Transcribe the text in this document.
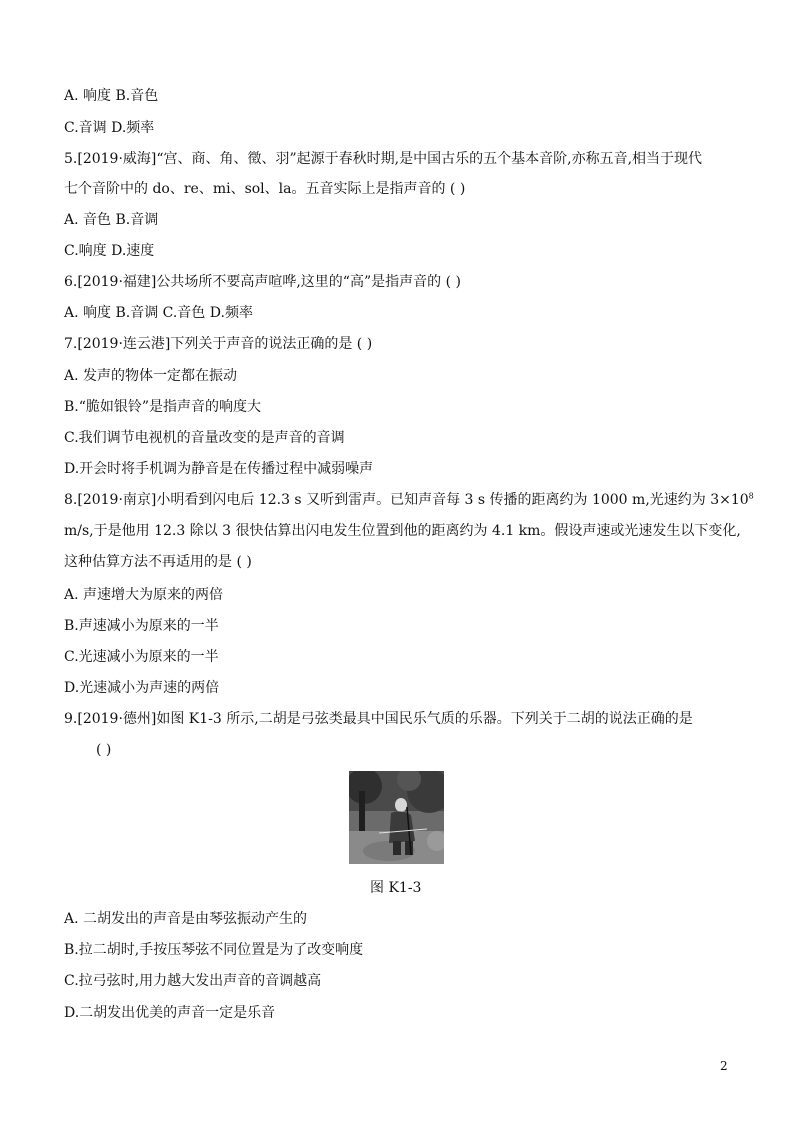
A. 响度 B.音色
C.音调 D.频率
5.[2019·威海]“宫、商、角、徵、羽”起源于春秋时期,是中国古乐的五个基本音阶,亦称五音,相当于现代
七个音阶中的 do、re、mi、sol、la。五音实际上是指声音的 ( )
A. 音色 B.音调
C.响度 D.速度
6.[2019·福建]公共场所不要高声喧哗,这里的“高”是指声音的 ( )
A. 响度 B.音调 C.音色 D.频率
7.[2019·连云港]下列关于声音的说法正确的是 ( )
A. 发声的物体一定都在振动
B.“脆如银铃”是指声音的响度大
C.我们调节电视机的音量改变的是声音的音调
D.开会时将手机调为静音是在传播过程中减弱噪声
8.[2019·南京]小明看到闪电后 12.3 s 又听到雷声。已知声音每 3 s 传播的距离约为 1000 m,光速约为 $3\times 10^8$
m/s,于是他用 12.3 除以 3 很快估算出闪电发生位置到他的距离约为 4.1 km。假设声速或光速发生以下变化,
这种估算方法不再适用的是 ( )
A. 声速增大为原来的两倍
B.声速减小为原来的一半
C.光速减小为原来的一半
D.光速减小为声速的两倍
9.[2019·德州]如图 K1-3 所示,二胡是弓弦类最具中国民乐气质的乐器。下列关于二胡的说法正确的是
( )
图 K1-3
A. 二胡发出的声音是由琴弦振动产生的
B.拉二胡时,手按压琴弦不同位置是为了改变响度
C.拉弓弦时,用力越大发出声音的音调越高
D.二胡发出优美的声音一定是乐音
2
